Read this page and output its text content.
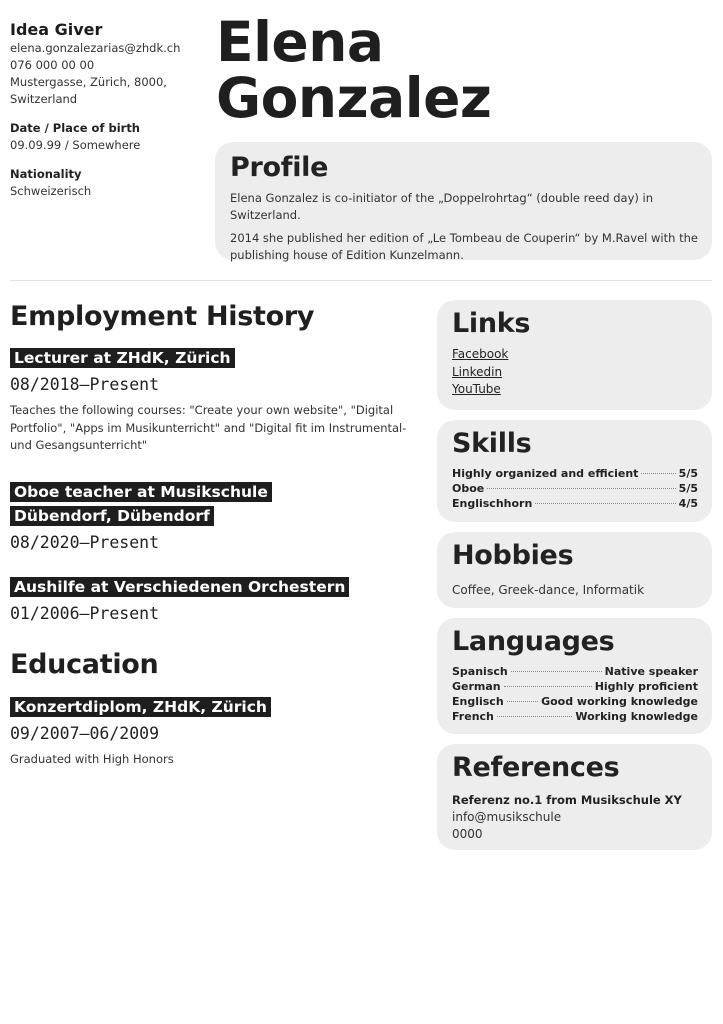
Idea Giver
elena.gonzalezarias@zhdk.ch
076 000 00 00
Mustergasse, Zürich, 8000,
Switzerland
Date / Place of birth
09.09.99 / Somewhere
Nationality
Schweizerisch
Elena
Gonzalez
Profile

Elena Gonzalez is co-initiator of the „Doppelrohrtag“ (double reed day) in Switzerland.

2014 she published her edition of „Le Tombeau de Couperin“ by M.Ravel with the publishing house of Edition Kunzelmann.

Employment History
Lecturer at ZHdK, Zürich
08/2018—Present
Teaches the following courses: "Create your own website", "Digital Portfolio", "Apps im Musikunterricht" and "Digital fit im Instrumental- und Gesangsunterricht"
Oboe teacher at Musikschule Dübendorf, Dübendorf
08/2020—Present
Aushilfe at Verschiedenen Orchestern
01/2006—Present
Education
Konzertdiplom, ZHdK, Zürich
09/2007—06/2009
Graduated with High Honors
Links
Facebook
Linkedin
YouTube
Skills
Highly organized and efficient	5/5
Oboe	5/5
Englischhorn	4/5
Hobbies
Coffee, Greek-dance, Informatik
Languages
Spanisch	Native speaker
German	Highly proficient
Englisch	Good working knowledge
French	Working knowledge
References
Referenz no.1 from Musikschule XY
info@musikschule
0000
